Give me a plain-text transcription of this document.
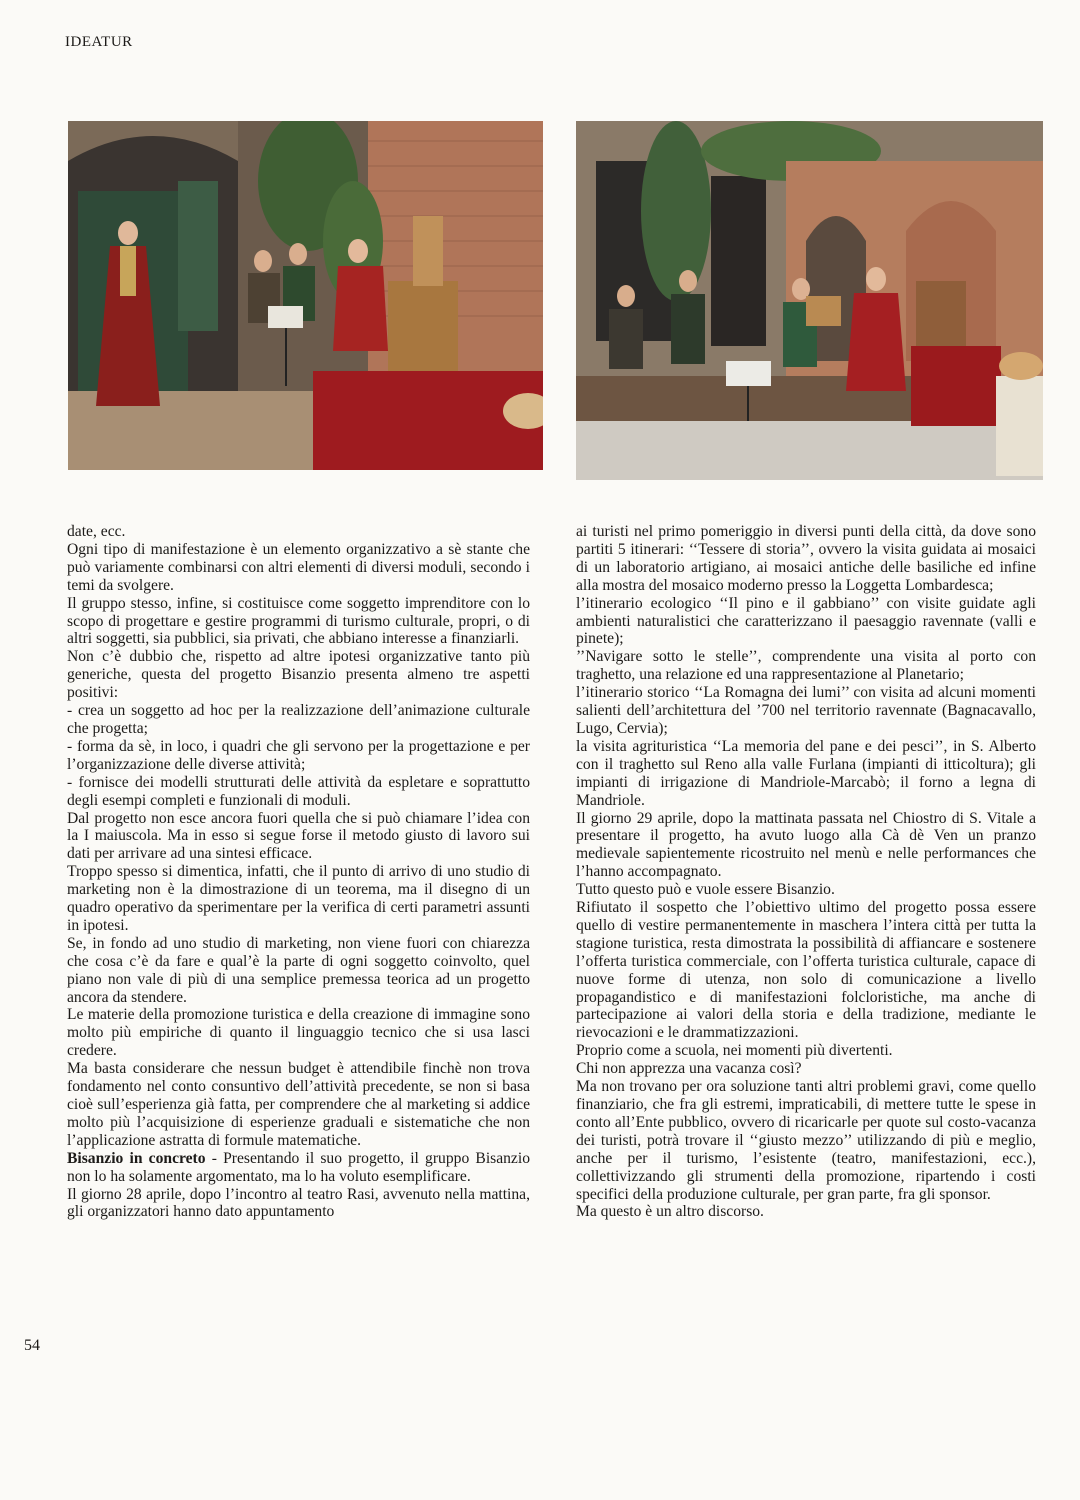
IDEATUR

date, ecc.

Ogni tipo di manifestazione è un elemento organizzativo a sè stante che può variamente combinarsi con altri elementi di diversi moduli, secondo i temi da svolgere.

Il gruppo stesso, infine, si costituisce come soggetto imprenditore con lo scopo di progettare e gestire programmi di turismo culturale, propri, o di altri soggetti, sia pubblici, sia privati, che abbiano interesse a finanziarli.

Non c’è dubbio che, rispetto ad altre ipotesi organizzative tanto più generiche, questa del progetto Bisanzio presenta almeno tre aspetti positivi:

- crea un soggetto ad hoc per la realizzazione dell’animazione culturale che progetta;

- forma da sè, in loco, i quadri che gli servono per la progettazione e per l’organizzazione delle diverse attività;

- fornisce dei modelli strutturati delle attività da espletare e soprattutto degli esempi completi e funzionali di moduli.

Dal progetto non esce ancora fuori quella che si può chiamare l’idea con la I maiuscola. Ma in esso si segue forse il metodo giusto di lavoro sui dati per arrivare ad una sintesi efficace.

Troppo spesso si dimentica, infatti, che il punto di arrivo di uno studio di marketing non è la dimostrazione di un teorema, ma il disegno di un quadro operativo da sperimentare per la verifica di certi parametri assunti in ipotesi.

Se, in fondo ad uno studio di marketing, non viene fuori con chiarezza che cosa c’è da fare e qual’è la parte di ogni soggetto coinvolto, quel piano non vale di più di una semplice premessa teorica ad un progetto ancora da stendere.

Le materie della promozione turistica e della creazione di immagine sono molto più empiriche di quanto il linguaggio tecnico che si usa lasci credere.

Ma basta considerare che nessun budget è attendibile finchè non trova fondamento nel conto consuntivo dell’attività precedente, se non si basa cioè sull’esperienza già fatta, per comprendere che al marketing si addice molto più l’acquisizione di esperienze graduali e sistematiche che non l’applicazione astratta di formule matematiche.

Bisanzio in concreto - Presentando il suo progetto, il gruppo Bisanzio non lo ha solamente argomentato, ma lo ha voluto esemplificare.

Il giorno 28 aprile, dopo l’incontro al teatro Rasi, avvenuto nella mattina, gli organizzatori hanno dato appuntamento

54

ai turisti nel primo pomeriggio in diversi punti della città, da dove sono partiti 5 itinerari: ‘‘Tessere di storia’’, ovvero la visita guidata ai mosaici di un laboratorio artigiano, ai mosaici antiche delle basiliche ed infine alla mostra del mosaico moderno presso la Loggetta Lombardesca;

l’itinerario ecologico ‘‘Il pino e il gabbiano’’ con visite guidate agli ambienti naturalistici che caratterizzano il paesaggio ravennate (valli e pinete);

’’Navigare sotto le stelle’’, comprendente una visita al porto con traghetto, una relazione ed una rappresentazione al Planetario;

l’itinerario storico ‘‘La Romagna dei lumi’’ con visita ad alcuni momenti salienti dell’architettura del ’700 nel territorio ravennate (Bagnacavallo, Lugo, Cervia);

la visita agrituristica ‘‘La memoria del pane e dei pesci’’, in S. Alberto con il traghetto sul Reno alla valle Furlana (impianti di itticoltura); gli impianti di irrigazione di Mandriole-Marcabò; il forno a legna di Mandriole.

Il giorno 29 aprile, dopo la mattinata passata nel Chiostro di S. Vitale a presentare il progetto, ha avuto luogo alla Cà dè Ven un pranzo medievale sapientemente ricostruito nel menù e nelle performances che l’hanno accompagnato.

Tutto questo può e vuole essere Bisanzio.

Rifiutato il sospetto che l’obiettivo ultimo del progetto possa essere quello di vestire permanentemente in maschera l’intera città per tutta la stagione turistica, resta dimostrata la possibilità di affiancare e sostenere l’offerta turistica commerciale, con l’offerta turistica culturale, capace di nuove forme di utenza, non solo di comunicazione a livello propagandistico e di manifestazioni folcloristiche, ma anche di partecipazione ai valori della storia e della tradizione, mediante le rievocazioni e le drammatizzazioni.

Proprio come a scuola, nei momenti più divertenti.

Chi non apprezza una vacanza così?

Ma non trovano per ora soluzione tanti altri problemi gravi, come quello finanziario, che fra gli estremi, impraticabili, di mettere tutte le spese in conto all’Ente pubblico, ovvero di ricaricarle per quote sul costo-vacanza dei turisti, potrà trovare il ‘‘giusto mezzo’’ utilizzando di più e meglio, anche per il turismo, l’esistente (teatro, manifestazioni, ecc.), collettivizzando gli strumenti della promozione, ripartendo i costi specifici della produzione culturale, per gran parte, fra gli sponsor.

Ma questo è un altro discorso.
